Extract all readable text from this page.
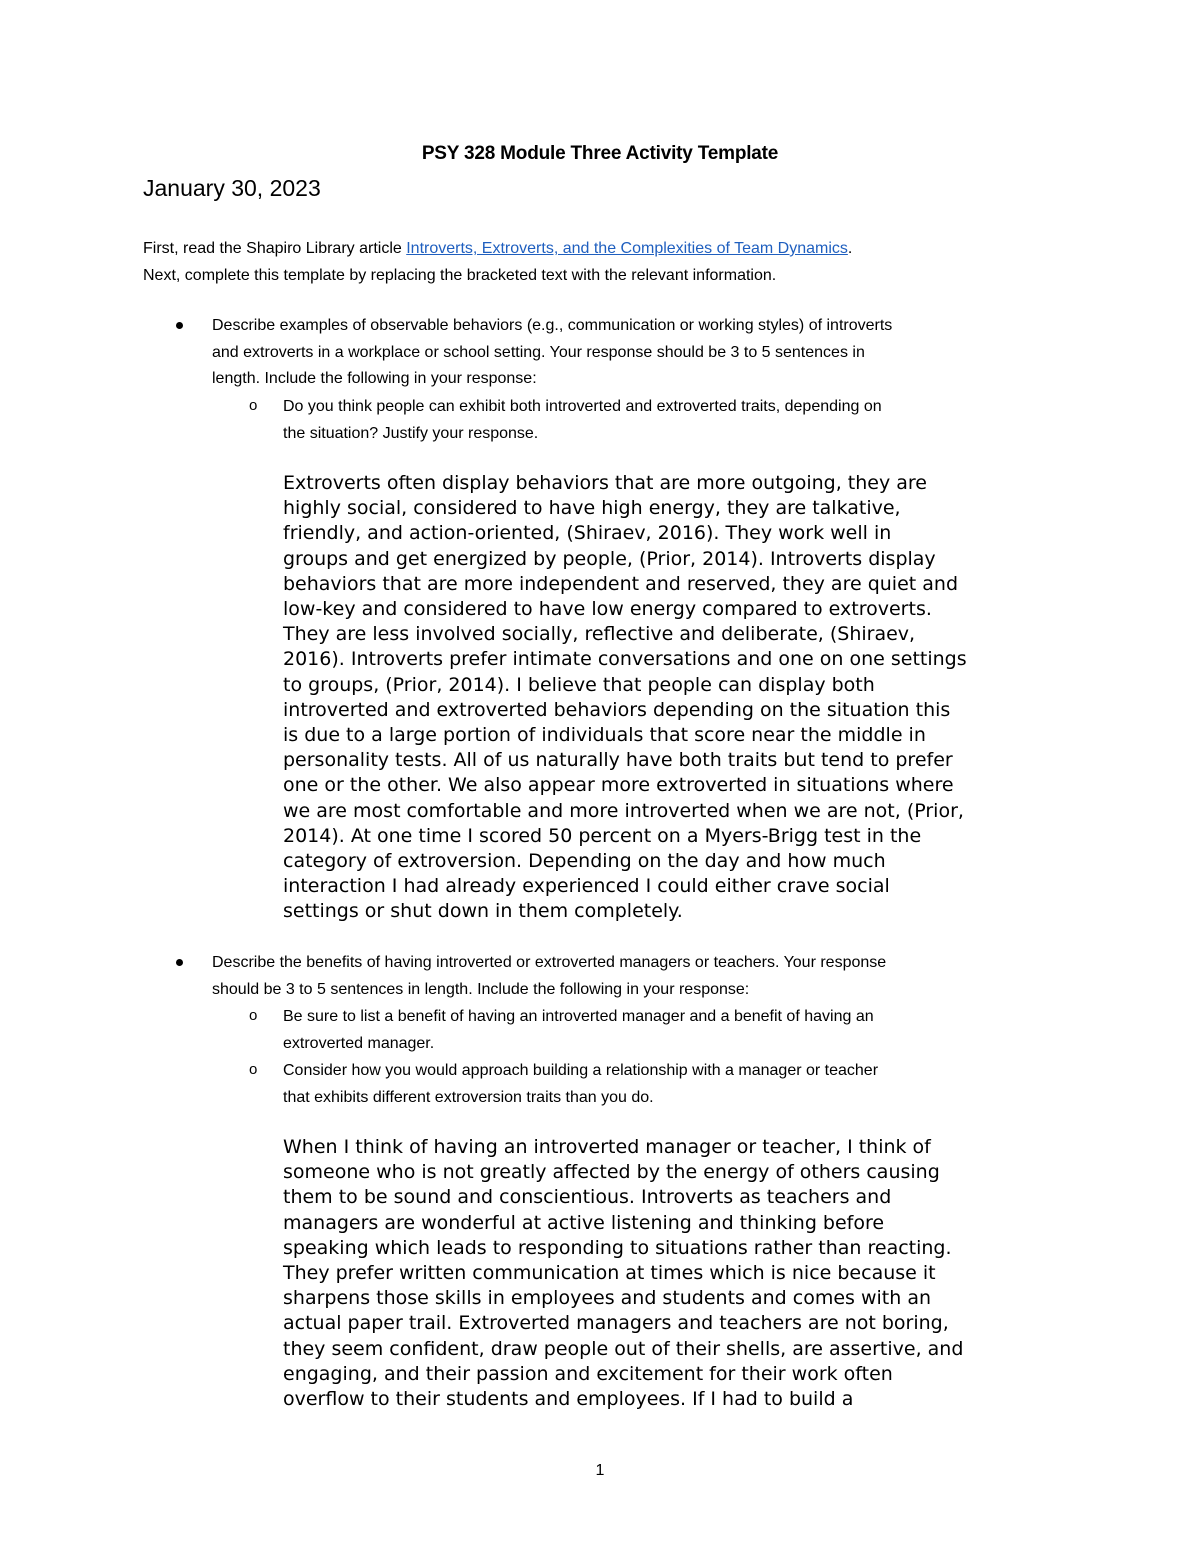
PSY 328 Module Three Activity Template
January 30, 2023
First, read the Shapiro Library article Introverts, Extroverts, and the Complexities of Team Dynamics.
Next, complete this template by replacing the bracketed text with the relevant information.
Describe examples of observable behaviors (e.g., communication or working styles) of introverts
and extroverts in a workplace or school setting. Your response should be 3 to 5 sentences in
length. Include the following in your response:
o Do you think people can exhibit both introverted and extroverted traits, depending on
the situation? Justify your response.
Extroverts often display behaviors that are more outgoing, they are
highly social, considered to have high energy, they are talkative,
friendly, and action-oriented, (Shiraev, 2016). They work well in
groups and get energized by people, (Prior, 2014). Introverts display
behaviors that are more independent and reserved, they are quiet and
low-key and considered to have low energy compared to extroverts.
They are less involved socially, reflective and deliberate, (Shiraev,
2016). Introverts prefer intimate conversations and one on one settings
to groups, (Prior, 2014). I believe that people can display both
introverted and extroverted behaviors depending on the situation this
is due to a large portion of individuals that score near the middle in
personality tests. All of us naturally have both traits but tend to prefer
one or the other. We also appear more extroverted in situations where
we are most comfortable and more introverted when we are not, (Prior,
2014). At one time I scored 50 percent on a Myers-Brigg test in the
category of extroversion. Depending on the day and how much
interaction I had already experienced I could either crave social
settings or shut down in them completely.
Describe the benefits of having introverted or extroverted managers or teachers. Your response
should be 3 to 5 sentences in length. Include the following in your response:
o Be sure to list a benefit of having an introverted manager and a benefit of having an
extroverted manager.
o Consider how you would approach building a relationship with a manager or teacher
that exhibits different extroversion traits than you do.
When I think of having an introverted manager or teacher, I think of
someone who is not greatly affected by the energy of others causing
them to be sound and conscientious. Introverts as teachers and
managers are wonderful at active listening and thinking before
speaking which leads to responding to situations rather than reacting.
They prefer written communication at times which is nice because it
sharpens those skills in employees and students and comes with an
actual paper trail. Extroverted managers and teachers are not boring,
they seem confident, draw people out of their shells, are assertive, and
engaging, and their passion and excitement for their work often
overflow to their students and employees. If I had to build a
1
